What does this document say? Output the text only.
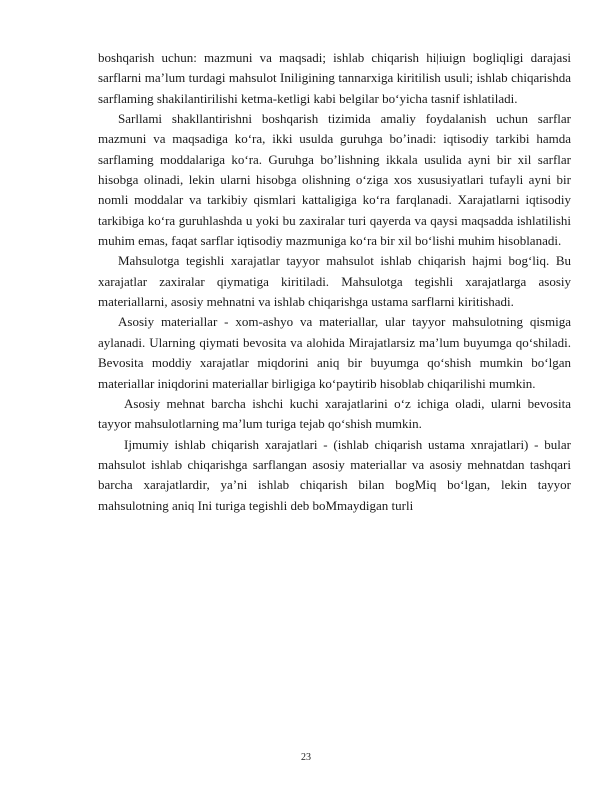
boshqarish uchun: mazmuni va maqsadi; ishlab chiqarish hi|iuign bogliqligi darajasi sarflarni ma’lum turdagi mahsulot Iniligining tannarxiga kiritilish usuli; ishlab chiqarishda sarflaming shakilantirilishi ketma-ketligi kabi belgilar bo‘yicha tasnif ishlatiladi.

Sarllami shakllantirishni boshqarish tizimida amaliy foydalanish uchun sarflar mazmuni va maqsadiga ko‘ra, ikki usulda guruhga bo’inadi: iqtisodiy tarkibi hamda sarflaming moddalariga ko‘ra. Guruhga bo’lishning ikkala usulida ayni bir xil sarflar hisobga olinadi, lekin ularni hisobga olishning o‘ziga xos xususiyatlari tufayli ayni bir nomli moddalar va tarkibiy qismlari kattaligiga ko‘ra farqlanadi. Xarajatlarni iqtisodiy tarkibiga ko‘ra guruhlashda u yoki bu zaxiralar turi qayerda va qaysi maqsadda ishlatilishi muhim emas, faqat sarflar iqtisodiy mazmuniga ko‘ra bir xil bo‘lishi muhim hisoblanadi.

Mahsulotga tegishli xarajatlar tayyor mahsulot ishlab chiqarish hajmi bog‘liq. Bu xarajatlar zaxiralar qiymatiga kiritiladi. Mahsulotga tegishli xarajatlarga asosiy materiallarni, asosiy mehnatni va ishlab chiqarishga ustama sarflarni kiritishadi.

Asosiy materiallar - xom-ashyo va materiallar, ular tayyor mahsulotning qismiga aylanadi. Ularning qiymati bevosita va alohida Mirajatlarsiz ma’lum buyumga qo‘shiladi. Bevosita moddiy xarajatlar miqdorini aniq bir buyumga qo‘shish mumkin bo‘lgan materiallar iniqdorini materiallar birligiga ko‘paytirib hisoblab chiqarilishi mumkin.

Asosiy mehnat barcha ishchi kuchi xarajatlarini o‘z ichiga oladi, ularni bevosita tayyor mahsulotlarning ma’lum turiga tejab qo‘shish mumkin.

Ijmumiy ishlab chiqarish xarajatlari - (ishlab chiqarish ustama xnrajatlari) - bular mahsulot ishlab chiqarishga sarflangan asosiy materiallar va asosiy mehnatdan tashqari barcha xarajatlardir, ya’ni ishlab chiqarish bilan bogMiq bo‘lgan, lekin tayyor mahsulotning aniq Ini turiga tegishli deb boMmaydigan turli

23
